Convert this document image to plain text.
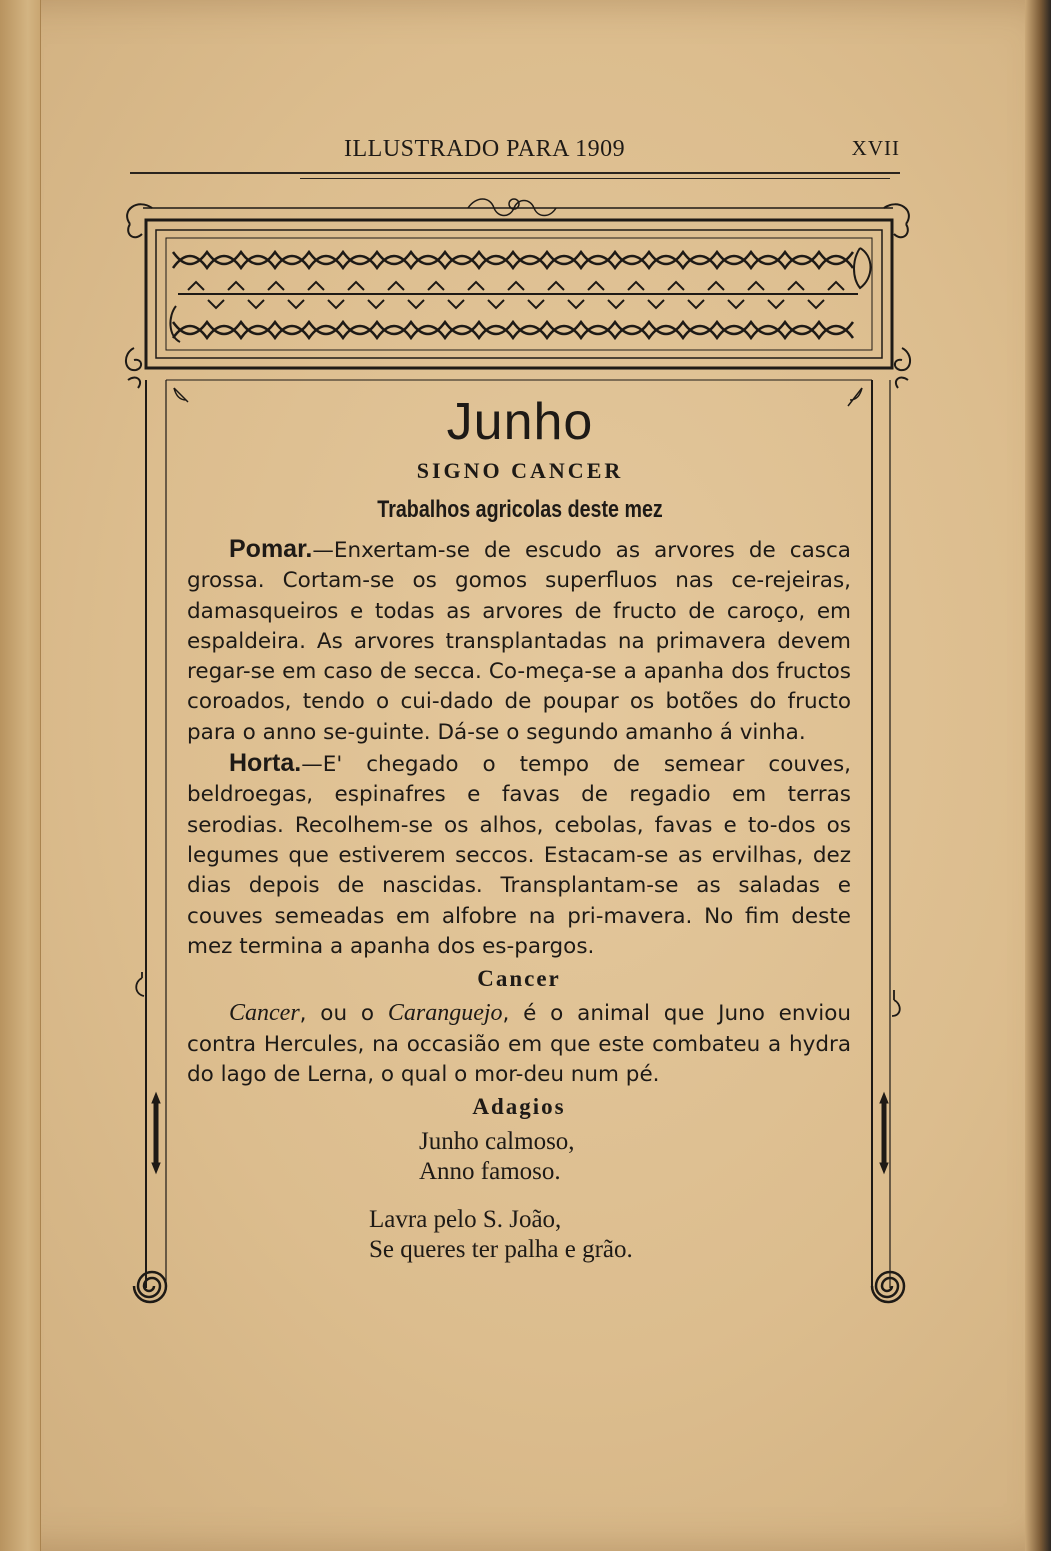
ILLUSTRADO PARA 1909	XVII
Junho
SIGNO CANCER
Trabalhos agricolas deste mez

Pomar.—Enxertam-se de escudo as arvores de casca grossa. Cortam-se os gomos superfluos nas ce-rejeiras, damasqueiros e todas as arvores de fructo de caroço, em espaldeira. As arvores transplantadas na primavera devem regar-se em caso de secca. Co-meça-se a apanha dos fructos coroados, tendo o cui-dado de poupar os botões do fructo para o anno se-guinte. Dá-se o segundo amanho á vinha.

Horta.—E' chegado o tempo de semear couves, beldroegas, espinafres e favas de regadio em terras serodias. Recolhem-se os alhos, cebolas, favas e to-dos os legumes que estiverem seccos. Estacam-se as ervilhas, dez dias depois de nascidas. Transplantam-se as saladas e couves semeadas em alfobre na pri-mavera. No fim deste mez termina a apanha dos es-pargos.

Cancer

Cancer, ou o Caranguejo, é o animal que Juno enviou contra Hercules, na occasião em que este combateu a hydra do lago de Lerna, o qual o mor-deu num pé.

Adagios
Junho calmoso,
Anno famoso.
Lavra pelo S. João,
Se queres ter palha e grão.
